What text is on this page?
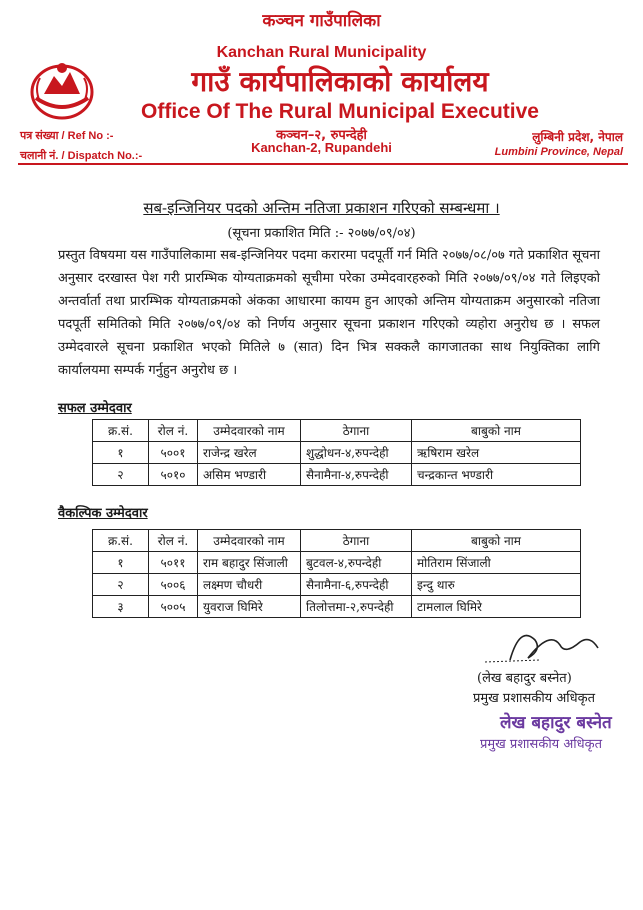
कञ्चन गाउँपालिका
Kanchan Rural Municipality
गाउँ कार्यपालिकाको कार्यालय
Office Of The Rural Municipal Executive
कञ्चन–२, रुपन्देही
Kanchan-2, Rupandehi
पत्र संख्या / Ref No :-
चलानी नं. / Dispatch No.:-
लुम्बिनी प्रदेश, नेपाल
Lumbini Province, Nepal
सब-इन्जिनियर पदको अन्तिम नतिजा प्रकाशन गरिएको सम्बन्धमा ।
(सूचना प्रकाशित मिति :- २०७७/०९/०४)
प्रस्तुत विषयमा यस गाउँपालिकामा सब-इन्जिनियर पदमा करारमा पदपूर्ती गर्न मिति २०७७/०८/०७ गते प्रकाशित सूचना अनुसार दरखास्त पेश गरी प्रारम्भिक योग्यताक्रमको सूचीमा परेका उम्मेदवारहरुको मिति २०७७/०९/०४ गते लिइएको अन्तर्वार्ता तथा प्रारम्भिक योग्यताक्रमको अंकका आधारमा कायम हुन आएको अन्तिम योग्यताक्रम अनुसारको नतिजा पदपूर्ती समितिको मिति २०७७/०९/०४ को निर्णय अनुसार सूचना प्रकाशन गरिएको व्यहोरा अनुरोध छ । सफल उम्मेदवारले सूचना प्रकाशित भएको मितिले ७ (सात) दिन भित्र सक्कलै कागजातका साथ नियुक्तिका लागि कार्यालयमा सम्पर्क गर्नुहुन अनुरोध छ ।
सफल उम्मेदवार
क्र.सं.	रोल नं.	उम्मेदवारको नाम	ठेगाना	बाबुको नाम
१	५००१	राजेन्द्र खरेल	शुद्धोधन-४,रुपन्देही	ऋषिराम खरेल
२	५०१०	असिम भण्डारी	सैनामैना-४,रुपन्देही	चन्द्रकान्त भण्डारी
वैकल्पिक उम्मेदवार
क्र.सं.	रोल नं.	उम्मेदवारको नाम	ठेगाना	बाबुको नाम
१	५०११	राम बहादुर सिंजाली	बुटवल-४,रुपन्देही	मोतिराम सिंजाली
२	५००६	लक्ष्मण चौधरी	सैनामैना-६,रुपन्देही	इन्दु थारु
३	५००५	युवराज घिमिरे	तिलोत्तमा-२,रुपन्देही	टामलाल घिमिरे
(लेख बहादुर बस्नेत)
प्रमुख प्रशासकीय अधिकृत
लेख बहादुर बस्नेत
प्रमुख प्रशासकीय अधिकृत
